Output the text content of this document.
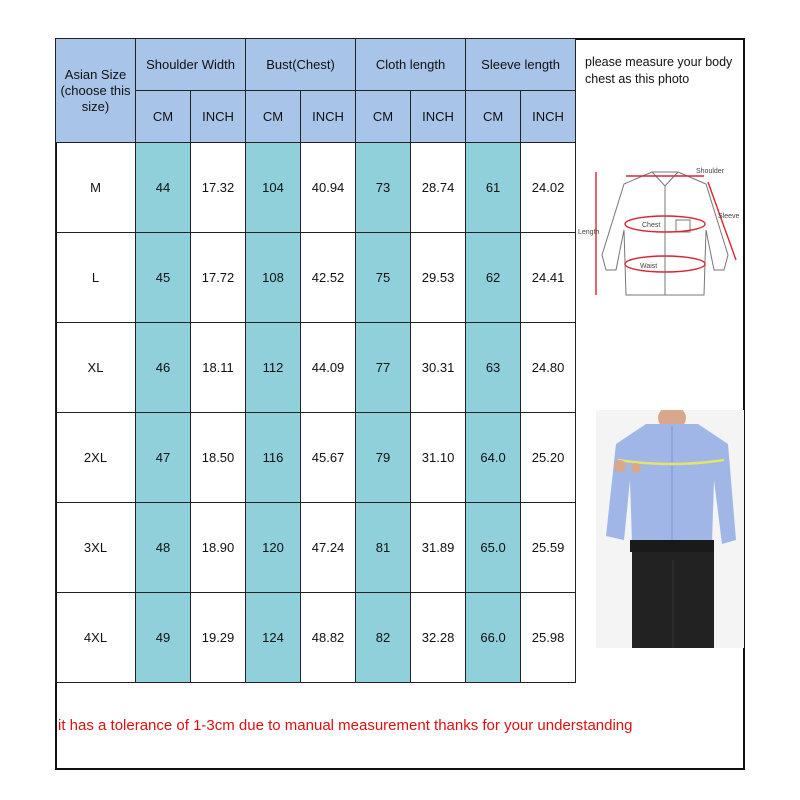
Asian Size (choose this size)	Shoulder Width		Bust(Chest)		Cloth length		Sleeve length	
	CM	INCH	CM	INCH	CM	INCH	CM	INCH
M	44	17.32	104	40.94	73	28.74	61	24.02
L	45	17.72	108	42.52	75	29.53	62	24.41
XL	46	18.11	112	44.09	77	30.31	63	24.80
2XL	47	18.50	116	45.67	79	31.10	64.0	25.20
3XL	48	18.90	120	47.24	81	31.89	65.0	25.59
4XL	49	19.29	124	48.82	82	32.28	66.0	25.98
please measure your body chest as this photo
Shoulder
Sleeve
Length
Chest
Waist
it has a tolerance of 1-3cm due to manual measurement thanks for your understanding
